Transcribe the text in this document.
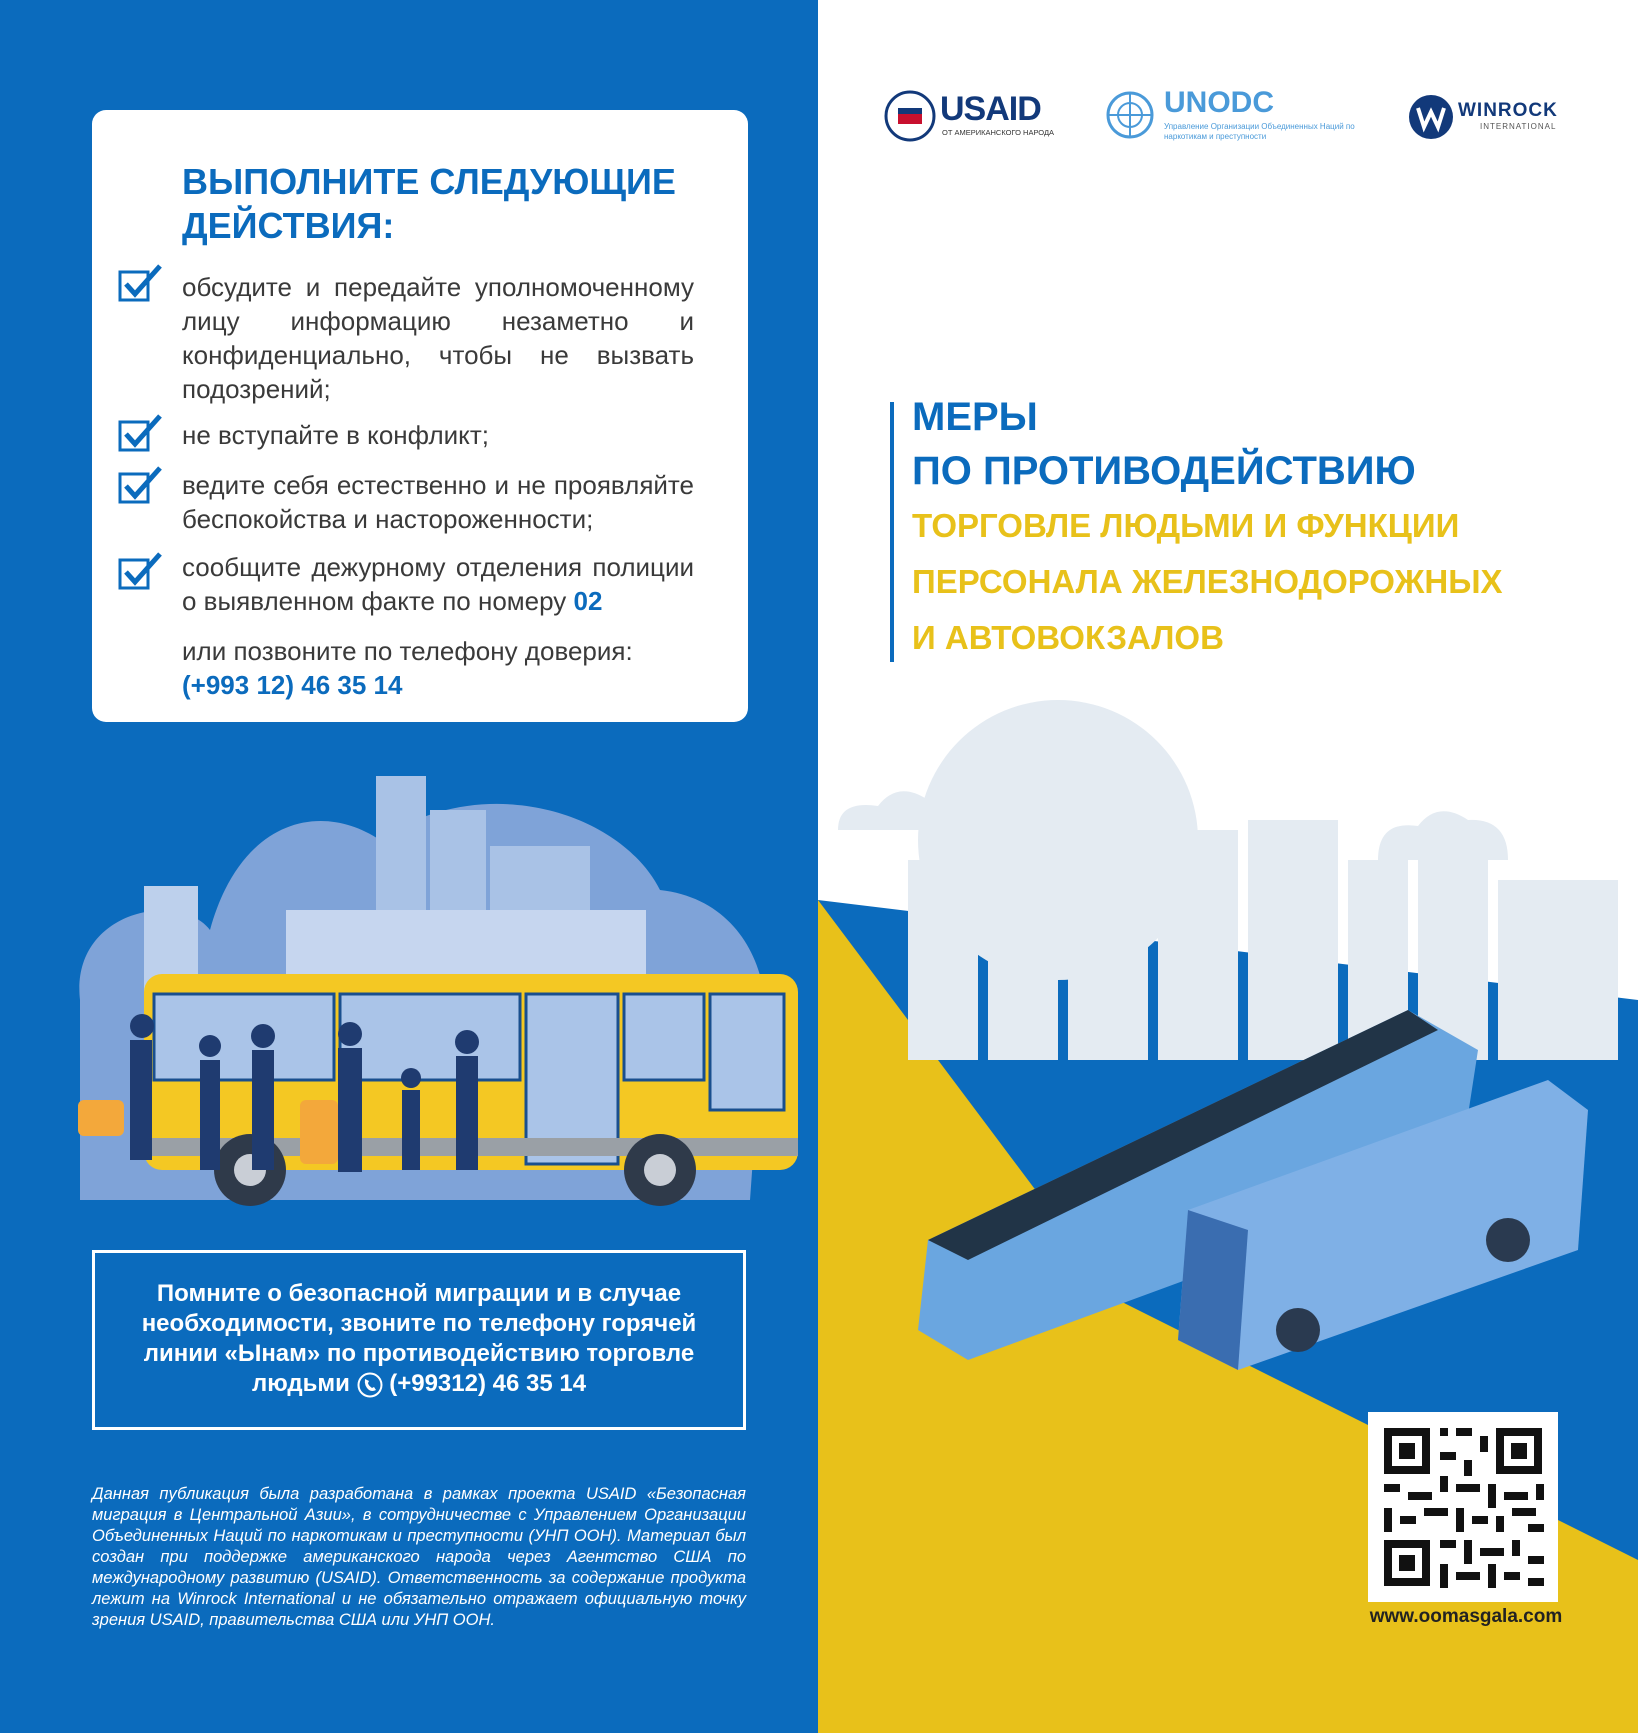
ВЫПОЛНИТЕ СЛЕДУЮЩИЕ ДЕЙСТВИЯ:
обсудите и передайте уполномоченному лицу информацию незаметно и конфиденциально, чтобы не вызвать подозрений;
не вступайте в конфликт;
ведите себя естественно и не проявляйте беспокойства и настороженности;
сообщите дежурному отделения полиции о выявленном факте по номеру 02
или позвоните по телефону доверия:
(+993 12) 46 35 14
Помните о безопасной миграции и в случае необходимости, звоните по телефону горячей линии «Ынам» по противодействию торговле людьми (+99312) 46 35 14
Данная публикация была разработана в рамках проекта USAID «Безопасная миграция в Центральной Азии», в сотрудничестве с Управлением Организации Объединенных Наций по наркотикам и преступности (УНП ООН). Материал был создан при поддержке американского народа через Агентство США по международному развитию (USAID). Ответственность за содержание продукта лежит на Winrock International и не обязательно отражает официальную точку зрения USAID, правительства США или УНП ООН.
USAID
ОТ АМЕРИКАНСКОГО НАРОДА
UNODC
Управление Организации Объединенных Наций по наркотикам и преступности
WINROCK
INTERNATIONAL
МЕРЫ
ПО ПРОТИВОДЕЙСТВИЮ
ТОРГОВЛЕ ЛЮДЬМИ И ФУНКЦИИ
ПЕРСОНАЛА ЖЕЛЕЗНОДОРОЖНЫХ
И АВТОВОКЗАЛОВ
www.oomasgala.com
